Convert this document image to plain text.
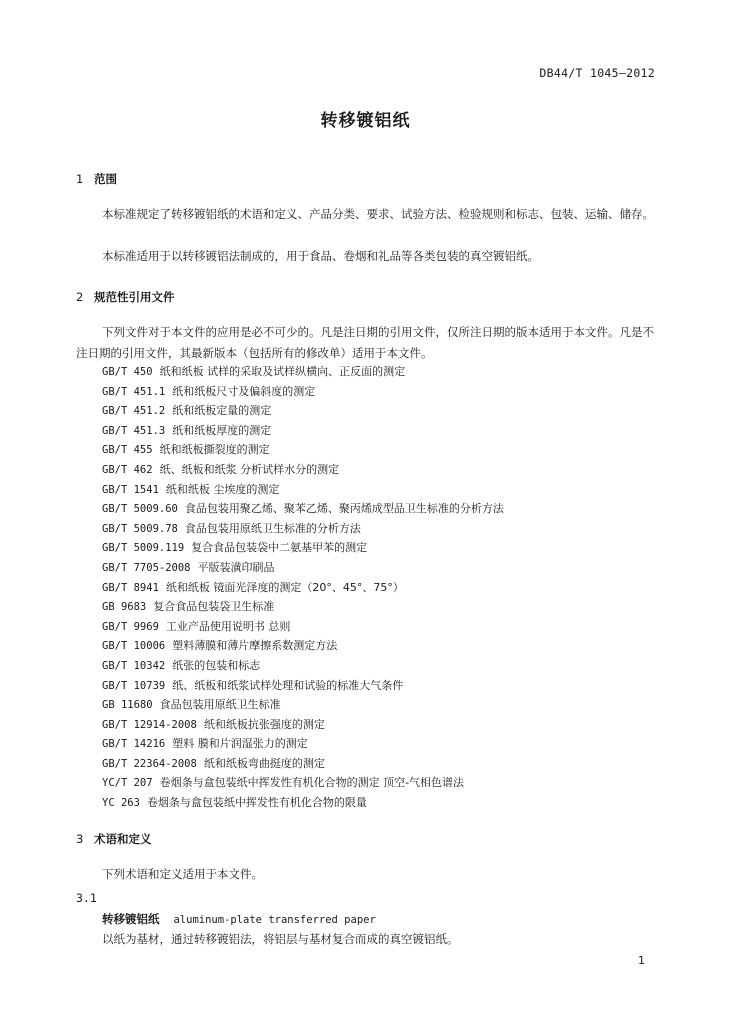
DB44/T 1045—2012
转移镀铝纸
1 范围
本标准规定了转移镀铝纸的术语和定义、产品分类、要求、试验方法、检验规则和标志、包装、运输、储存。
本标准适用于以转移镀铝法制成的，用于食品、卷烟和礼品等各类包装的真空镀铝纸。
2 规范性引用文件
下列文件对于本文件的应用是必不可少的。凡是注日期的引用文件，仅所注日期的版本适用于本文件。凡是不注日期的引用文件，其最新版本（包括所有的修改单）适用于本文件。
GB/T 450 纸和纸板 试样的采取及试样纵横向、正反面的测定
GB/T 451.1 纸和纸板尺寸及偏斜度的测定
GB/T 451.2 纸和纸板定量的测定
GB/T 451.3 纸和纸板厚度的测定
GB/T 455 纸和纸板撕裂度的测定
GB/T 462 纸、纸板和纸浆 分析试样水分的测定
GB/T 1541 纸和纸板 尘埃度的测定
GB/T 5009.60 食品包装用聚乙烯、聚苯乙烯、聚丙烯成型品卫生标准的分析方法
GB/T 5009.78 食品包装用原纸卫生标准的分析方法
GB/T 5009.119 复合食品包装袋中二氨基甲苯的测定
GB/T 7705-2008 平版装潢印刷品
GB/T 8941 纸和纸板 镜面光泽度的测定（20°、45°、75°）
GB 9683 复合食品包装袋卫生标准
GB/T 9969 工业产品使用说明书 总则
GB/T 10006 塑料薄膜和薄片摩擦系数测定方法
GB/T 10342 纸张的包装和标志
GB/T 10739 纸、纸板和纸浆试样处理和试验的标准大气条件
GB 11680 食品包装用原纸卫生标准
GB/T 12914-2008 纸和纸板抗张强度的测定
GB/T 14216 塑料 膜和片润湿张力的测定
GB/T 22364-2008 纸和纸板弯曲挺度的测定
YC/T 207 卷烟条与盒包装纸中挥发性有机化合物的测定 顶空-气相色谱法
YC 263 卷烟条与盒包装纸中挥发性有机化合物的限量
3 术语和定义
下列术语和定义适用于本文件。
3.1
转移镀铝纸 aluminum-plate transferred paper
以纸为基材，通过转移镀铝法，将铝层与基材复合而成的真空镀铝纸。
1
